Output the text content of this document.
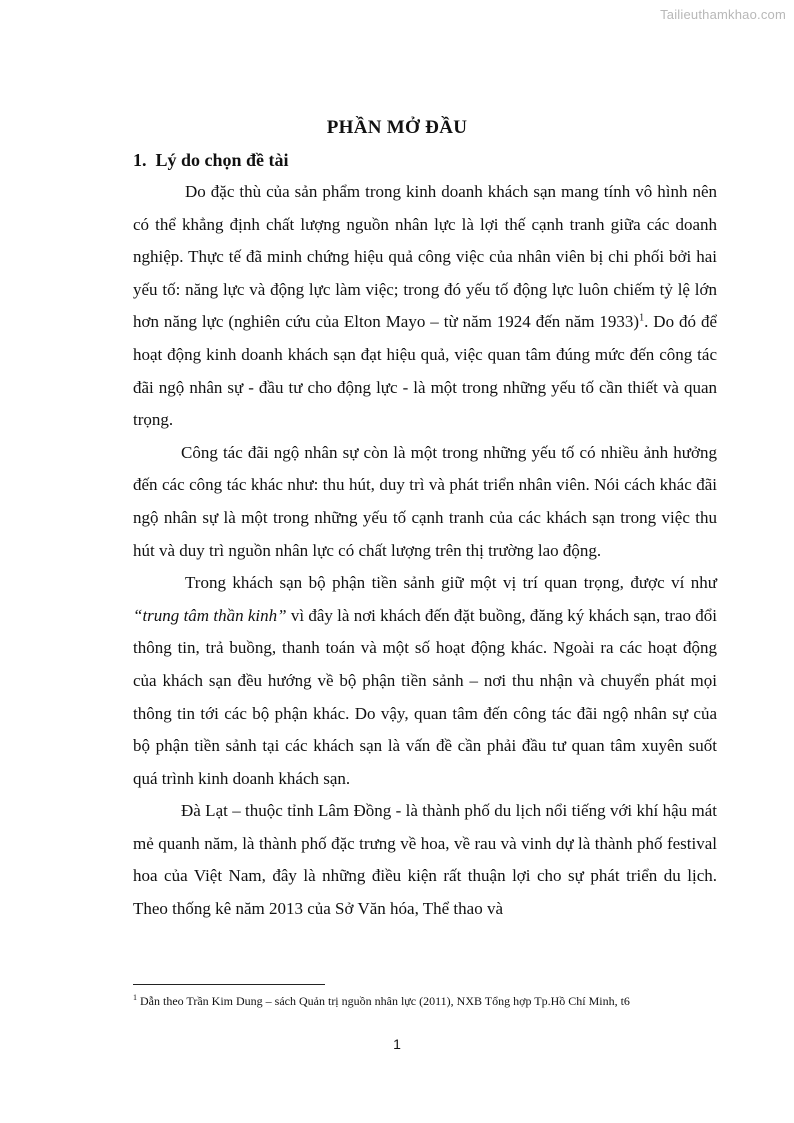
Tailieuthamkhao.com
PHẦN MỞ ĐẦU
1. Lý do chọn đề tài

Do đặc thù của sản phẩm trong kinh doanh khách sạn mang tính vô hình nên có thể khẳng định chất lượng nguồn nhân lực là lợi thế cạnh tranh giữa các doanh nghiệp. Thực tế đã minh chứng hiệu quả công việc của nhân viên bị chi phối bởi hai yếu tố: năng lực và động lực làm việc; trong đó yếu tố động lực luôn chiếm tỷ lệ lớn hơn năng lực (nghiên cứu của Elton Mayo – từ năm 1924 đến năm 1933)$^1$. Do đó để hoạt động kinh doanh khách sạn đạt hiệu quả, việc quan tâm đúng mức đến công tác đãi ngộ nhân sự - đầu tư cho động lực - là một trong những yếu tố cần thiết và quan trọng.

Công tác đãi ngộ nhân sự còn là một trong những yếu tố có nhiều ảnh hưởng đến các công tác khác như: thu hút, duy trì và phát triển nhân viên. Nói cách khác đãi ngộ nhân sự là một trong những yếu tố cạnh tranh của các khách sạn trong việc thu hút và duy trì nguồn nhân lực có chất lượng trên thị trường lao động.

Trong khách sạn bộ phận tiền sảnh giữ một vị trí quan trọng, được ví như “trung tâm thần kinh” vì đây là nơi khách đến đặt buồng, đăng ký khách sạn, trao đổi thông tin, trả buồng, thanh toán và một số hoạt động khác. Ngoài ra các hoạt động của khách sạn đều hướng về bộ phận tiền sảnh – nơi thu nhận và chuyển phát mọi thông tin tới các bộ phận khác. Do vậy, quan tâm đến công tác đãi ngộ nhân sự của bộ phận tiền sảnh tại các khách sạn là vấn đề cần phải đầu tư quan tâm xuyên suốt quá trình kinh doanh khách sạn.

Đà Lạt – thuộc tỉnh Lâm Đồng - là thành phố du lịch nổi tiếng với khí hậu mát mẻ quanh năm, là thành phố đặc trưng về hoa, về rau và vinh dự là thành phố festival hoa của Việt Nam, đây là những điều kiện rất thuận lợi cho sự phát triển du lịch. Theo thống kê năm 2013 của Sở Văn hóa, Thể thao và

$^1$ Dẫn theo Trần Kim Dung – sách Quản trị nguồn nhân lực (2011), NXB Tổng hợp Tp.Hồ Chí Minh, t6
1
